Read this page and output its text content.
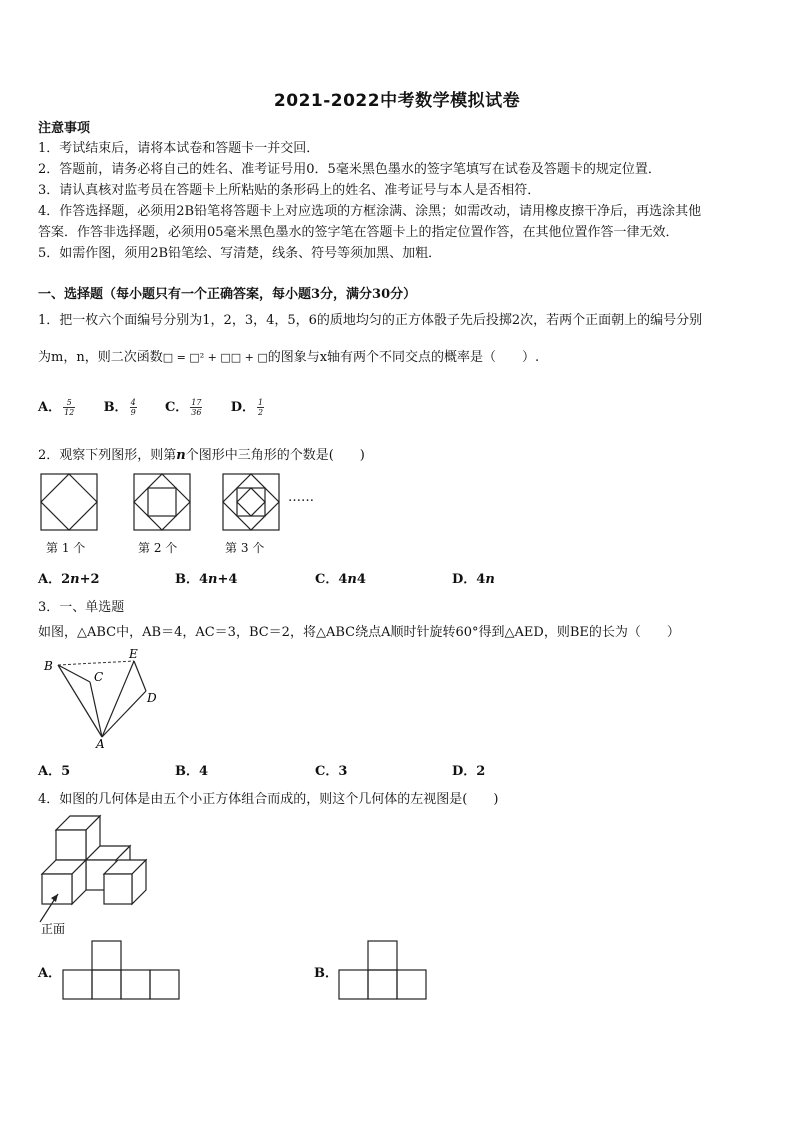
2021-2022中考数学模拟试卷
注意事项
1．考试结束后，请将本试卷和答题卡一并交回．
2．答题前，请务必将自己的姓名、准考证号用0．5毫米黑色墨水的签字笔填写在试卷及答题卡的规定位置．
3．请认真核对监考员在答题卡上所粘贴的条形码上的姓名、准考证号与本人是否相符．
4．作答选择题，必须用2B铅笔将答题卡上对应选项的方框涂满、涂黑；如需改动，请用橡皮擦干净后，再选涂其他
答案．作答非选择题，必须用05毫米黑色墨水的签字笔在答题卡上的指定位置作答，在其他位置作答一律无效．
5．如需作图，须用2B铅笔绘、写清楚，线条、符号等须加黑、加粗．
一、选择题（每小题只有一个正确答案，每小题3分，满分30分）
1．把一枚六个面编号分别为1，2，3，4，5，6的质地均匀的正方体骰子先后投掷2次，若两个正面朝上的编号分别
为m，n，则二次函数□ = □² + □□ + □的图象与x轴有两个不同交点的概率是（　　）.
A． $\frac{5}{12}$ B． $\frac{4}{9}$ C． $\frac{17}{36}$ D． $\frac{1}{2}$
2．观察下列图形，则第n个图形中三角形的个数是(　　)
……
第 1 个	第 2 个	第 3 个
A．2n+2	B．4n+4	C．4n4	D．4n
3．一、单选题
如图，△ABC中，AB＝4，AC＝3，BC＝2，将△ABC绕点A顺时针旋转60°得到△AED，则BE的长为（　　）
B
C
E
D
A
A．5	B．4	C．3	D．2
4．如图的几何体是由五个小正方体组合而成的，则这个几何体的左视图是(　　)
正面
A．	B．
